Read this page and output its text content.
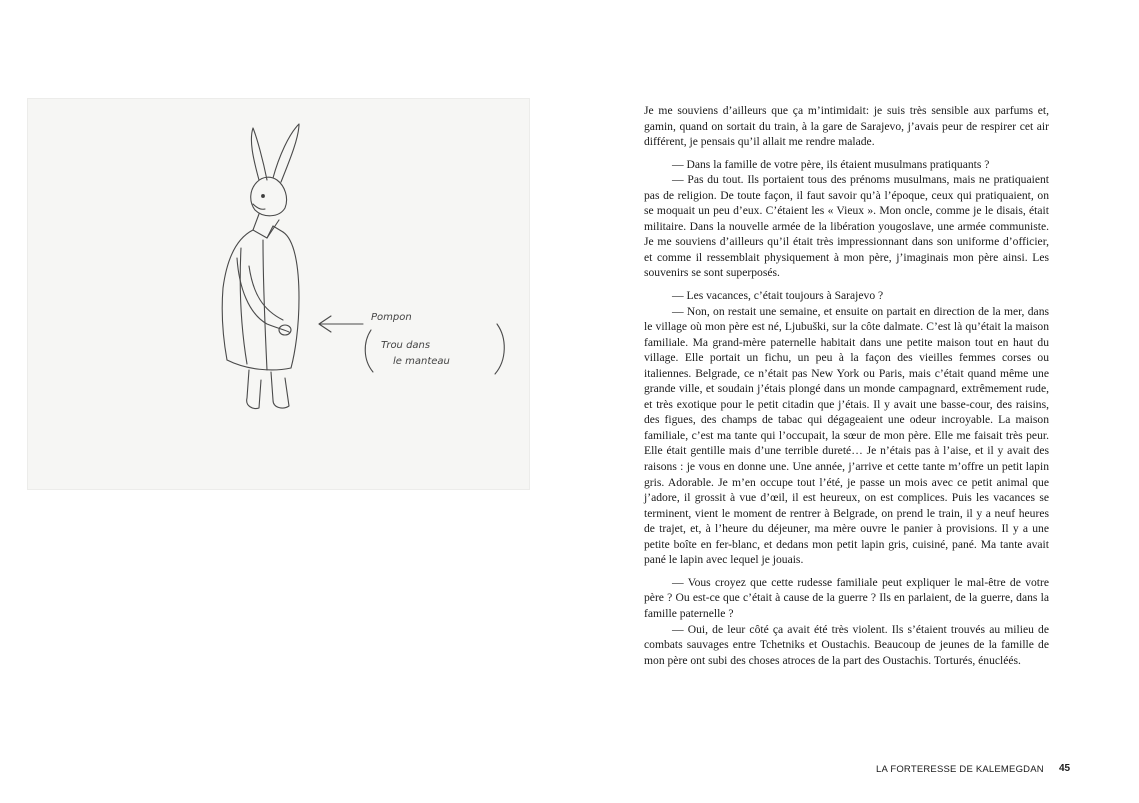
Pompon
Trou dans
le manteau

Je me souviens d’ailleurs que ça m’intimidait: je suis très sensible aux parfums et, gamin, quand on sortait du train, à la gare de Sarajevo, j’avais peur de respirer cet air différent, je pensais qu’il allait me rendre malade.

— Dans la famille de votre père, ils étaient musulmans pratiquants ?

— Pas du tout. Ils portaient tous des prénoms musulmans, mais ne pratiquaient pas de religion. De toute façon, il faut savoir qu’à l’époque, ceux qui pratiquaient, on se moquait un peu d’eux. C’étaient les « Vieux ». Mon oncle, comme je le disais, était militaire. Dans la nouvelle armée de la libération yougoslave, une armée communiste. Je me souviens d’ailleurs qu’il était très impressionnant dans son uniforme d’officier, et comme il ressemblait physiquement à mon père, j’imaginais mon père ainsi. Les souvenirs se sont superposés.

— Les vacances, c’était toujours à Sarajevo ?

— Non, on restait une semaine, et ensuite on partait en direction de la mer, dans le village où mon père est né, Ljubuški, sur la côte dalmate. C’est là qu’était la maison familiale. Ma grand-mère paternelle habitait dans une petite maison tout en haut du village. Elle portait un fichu, un peu à la façon des vieilles femmes corses ou italiennes. Belgrade, ce n’était pas New York ou Paris, mais c’était quand même une grande ville, et soudain j’étais plongé dans un monde campagnard, extrêmement rude, et très exotique pour le petit citadin que j’étais. Il y avait une basse-cour, des raisins, des figues, des champs de tabac qui dégageaient une odeur incroyable. La maison familiale, c’est ma tante qui l’occupait, la sœur de mon père. Elle me faisait très peur. Elle était gentille mais d’une terrible dureté… Je n’étais pas à l’aise, et il y avait des raisons : je vous en donne une. Une année, j’arrive et cette tante m’offre un petit lapin gris. Adorable. Je m’en occupe tout l’été, je passe un mois avec ce petit animal que j’adore, il grossit à vue d’œil, il est heureux, on est complices. Puis les vacances se terminent, vient le moment de rentrer à Belgrade, on prend le train, il y a neuf heures de trajet, et, à l’heure du déjeuner, ma mère ouvre le panier à provisions. Il y a une petite boîte en fer-blanc, et dedans mon petit lapin gris, cuisiné, pané. Ma tante avait pané le lapin avec lequel je jouais.

— Vous croyez que cette rudesse familiale peut expliquer le mal-être de votre père ? Ou est-ce que c’était à cause de la guerre ? Ils en parlaient, de la guerre, dans la famille paternelle ?

— Oui, de leur côté ça avait été très violent. Ils s’étaient trouvés au milieu de combats sauvages entre Tchetniks et Oustachis. Beaucoup de jeunes de la famille de mon père ont subi des choses atroces de la part des Oustachis. Torturés, énucléés.

LA FORTERESSE DE KALEMEGDAN 45
